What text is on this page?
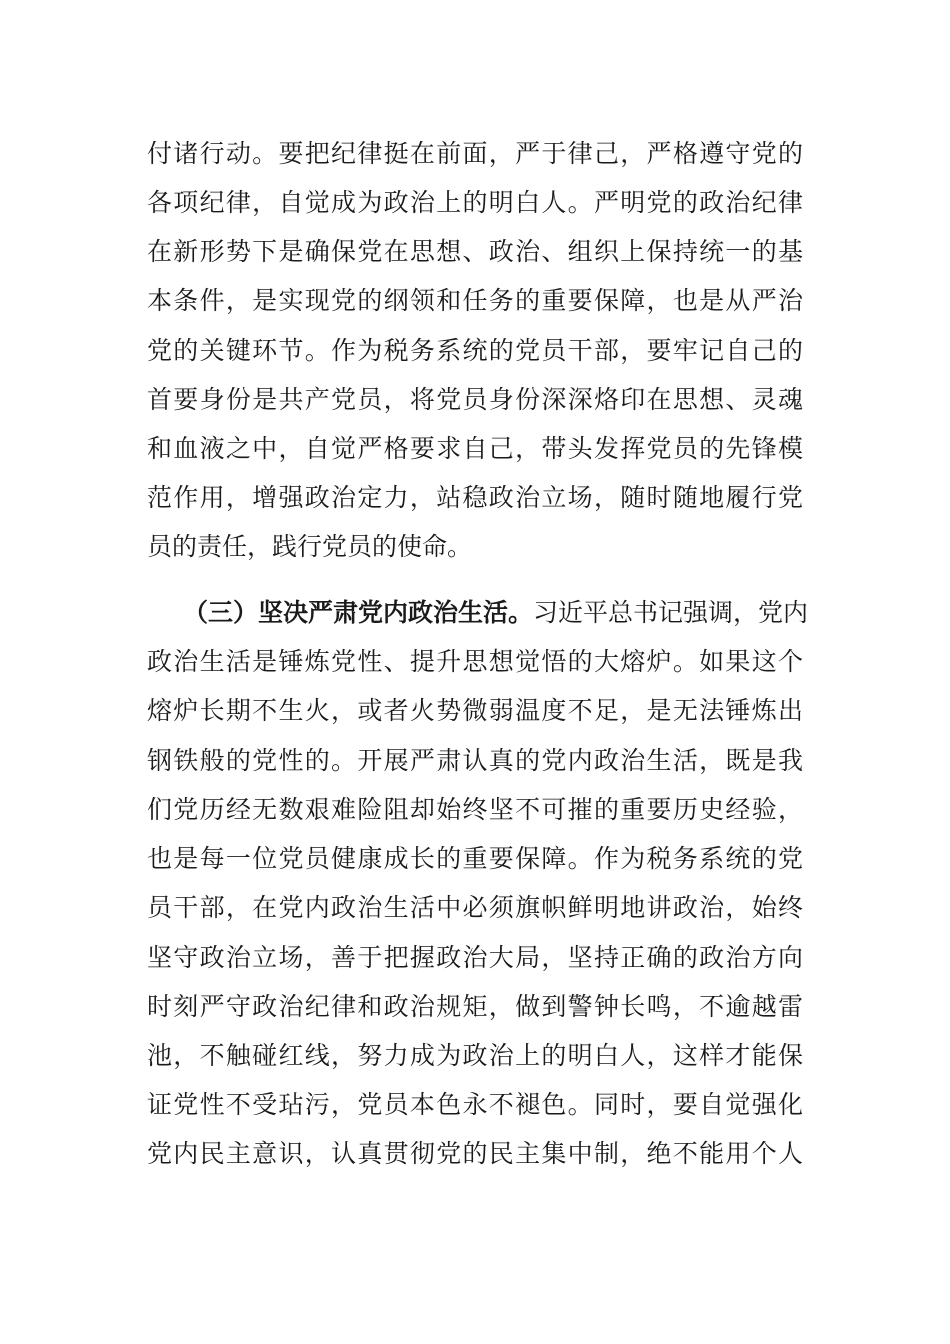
付诸行动。要把纪律挺在前面，严于律己，严格遵守党的
各项纪律，自觉成为政治上的明白人。严明党的政治纪律
在新形势下是确保党在思想、政治、组织上保持统一的基
本条件，是实现党的纲领和任务的重要保障，也是从严治
党的关键环节。作为税务系统的党员干部，要牢记自己的
首要身份是共产党员，将党员身份深深烙印在思想、灵魂
和血液之中，自觉严格要求自己，带头发挥党员的先锋模
范作用，增强政治定力，站稳政治立场，随时随地履行党
员的责任，践行党员的使命。
（三）坚决严肃党内政治生活。习近平总书记强调，党内
政治生活是锤炼党性、提升思想觉悟的大熔炉。如果这个
熔炉长期不生火，或者火势微弱温度不足，是无法锤炼出
钢铁般的党性的。开展严肃认真的党内政治生活，既是我
们党历经无数艰难险阻却始终坚不可摧的重要历史经验，
也是每一位党员健康成长的重要保障。作为税务系统的党
员干部，在党内政治生活中必须旗帜鲜明地讲政治，始终
坚守政治立场，善于把握政治大局，坚持正确的政治方向
时刻严守政治纪律和政治规矩，做到警钟长鸣，不逾越雷
池，不触碰红线，努力成为政治上的明白人，这样才能保
证党性不受玷污，党员本色永不褪色。同时，要自觉强化
党内民主意识，认真贯彻党的民主集中制，绝不能用个人
